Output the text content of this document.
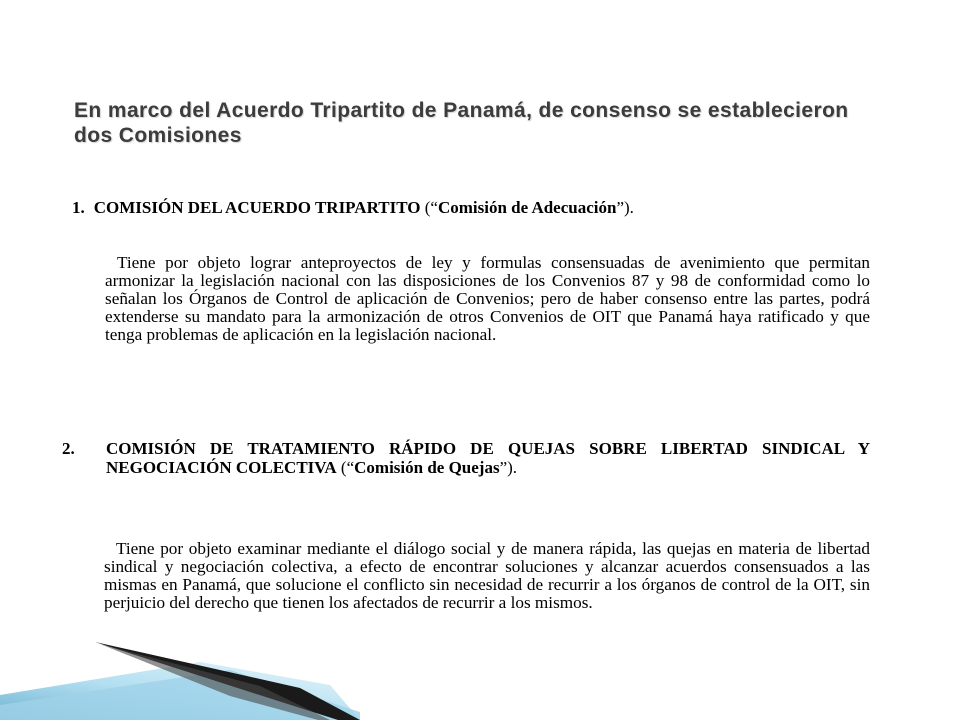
En marco del Acuerdo Tripartito de Panamá, de consenso se establecieron dos Comisiones
1. COMISIÓN DEL ACUERDO TRIPARTITO (“Comisión de Adecuación”).
Tiene por objeto lograr anteproyectos de ley y formulas consensuadas de avenimiento que permitan armonizar la legislación nacional con las disposiciones de los Convenios 87 y 98 de conformidad como lo señalan los Órganos de Control de aplicación de Convenios; pero de haber consenso entre las partes, podrá extenderse su mandato para la armonización de otros Convenios de OIT que Panamá haya ratificado y que tenga problemas de aplicación en la legislación nacional.
2.	COMISIÓN DE TRATAMIENTO RÁPIDO DE QUEJAS SOBRE LIBERTAD SINDICAL Y NEGOCIACIÓN COLECTIVA (“Comisión de Quejas”).
Tiene por objeto examinar mediante el diálogo social y de manera rápida, las quejas en materia de libertad sindical y negociación colectiva, a efecto de encontrar soluciones y alcanzar acuerdos consensuados a las mismas en Panamá, que solucione el conflicto sin necesidad de recurrir a los órganos de control de la OIT, sin perjuicio del derecho que tienen los afectados de recurrir a los mismos.
